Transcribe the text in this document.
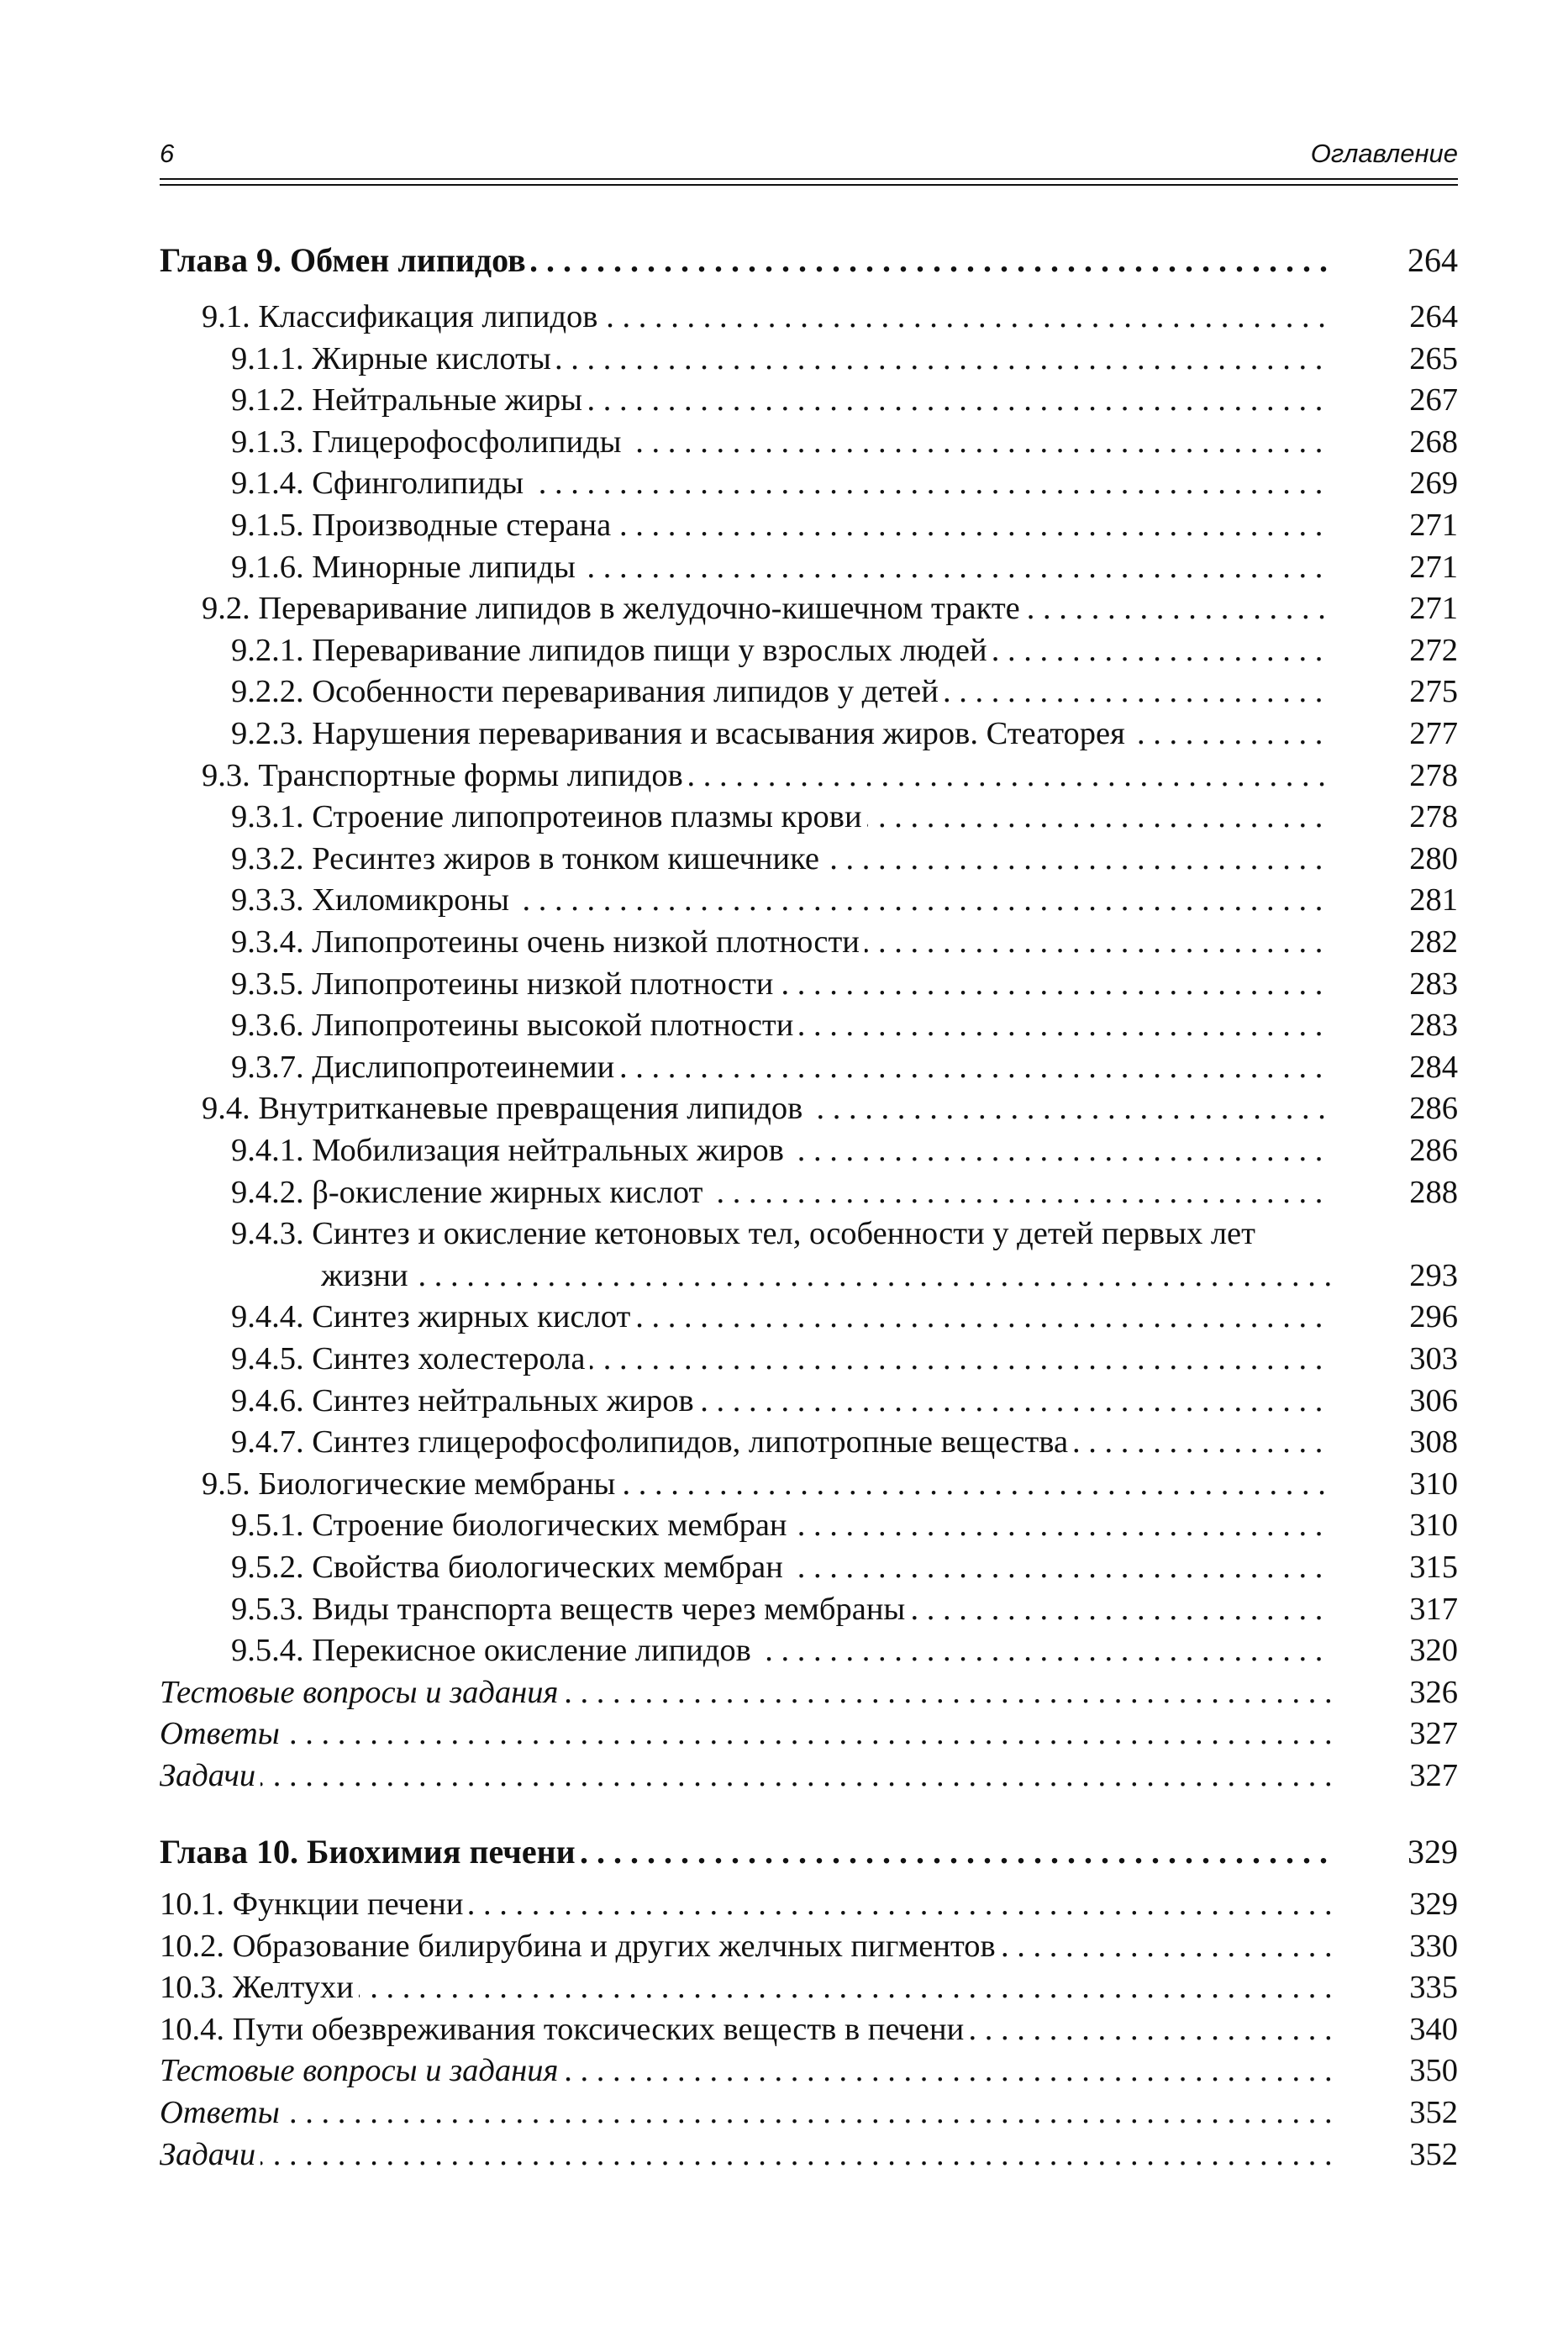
6	Оглавление
Глава 9. Обмен липидов . . .	264
9.1. Классификация липидов . . .	264
9.1.1. Жирные кислоты . . .	265
9.1.2. Нейтральные жиры . . .	267
9.1.3. Глицерофосфолипиды . . .	268
9.1.4. Сфинголипиды . . .	269
9.1.5. Производные стерана . . .	271
9.1.6. Минорные липиды . . .	271
9.2. Переваривание липидов в желудочно-кишечном тракте . . .	271
9.2.1. Переваривание липидов пищи у взрослых людей . . .	272
9.2.2. Особенности переваривания липидов у детей . . .	275
9.2.3. Нарушения переваривания и всасывания жиров. Стеаторея . . .	277
9.3. Транспортные формы липидов . . .	278
9.3.1. Строение липопротеинов плазмы крови . . .	278
9.3.2. Ресинтез жиров в тонком кишечнике . . .	280
9.3.3. Хиломикроны . . .	281
9.3.4. Липопротеины очень низкой плотности . . .	282
9.3.5. Липопротеины низкой плотности . . .	283
9.3.6. Липопротеины высокой плотности . . .	283
9.3.7. Дислипопротеинемии . . .	284
9.4. Внутритканевые превращения липидов . . .	286
9.4.1. Мобилизация нейтральных жиров . . .	286
9.4.2. β-окисление жирных кислот . . .	288
9.4.3. Синтез и окисление кетоновых тел, особенности у детей первых лет
жизни . . .	293
9.4.4. Синтез жирных кислот . . .	296
9.4.5. Синтез холестерола . . .	303
9.4.6. Синтез нейтральных жиров . . .	306
9.4.7. Синтез глицерофосфолипидов, липотропные вещества . . .	308
9.5. Биологические мембраны . . .	310
9.5.1. Строение биологических мембран . . .	310
9.5.2. Свойства биологических мембран . . .	315
9.5.3. Виды транспорта веществ через мембраны . . .	317
9.5.4. Перекисное окисление липидов . . .	320
Тестовые вопросы и задания . . .	326
Ответы . . .	327
Задачи . . .	327
Глава 10. Биохимия печени . . .	329
10.1. Функции печени . . .	329
10.2. Образование билирубина и других желчных пигментов . . .	330
10.3. Желтухи . . .	335
10.4. Пути обезвреживания токсических веществ в печени . . .	340
Тестовые вопросы и задания . . .	350
Ответы . . .	352
Задачи . . .	352
